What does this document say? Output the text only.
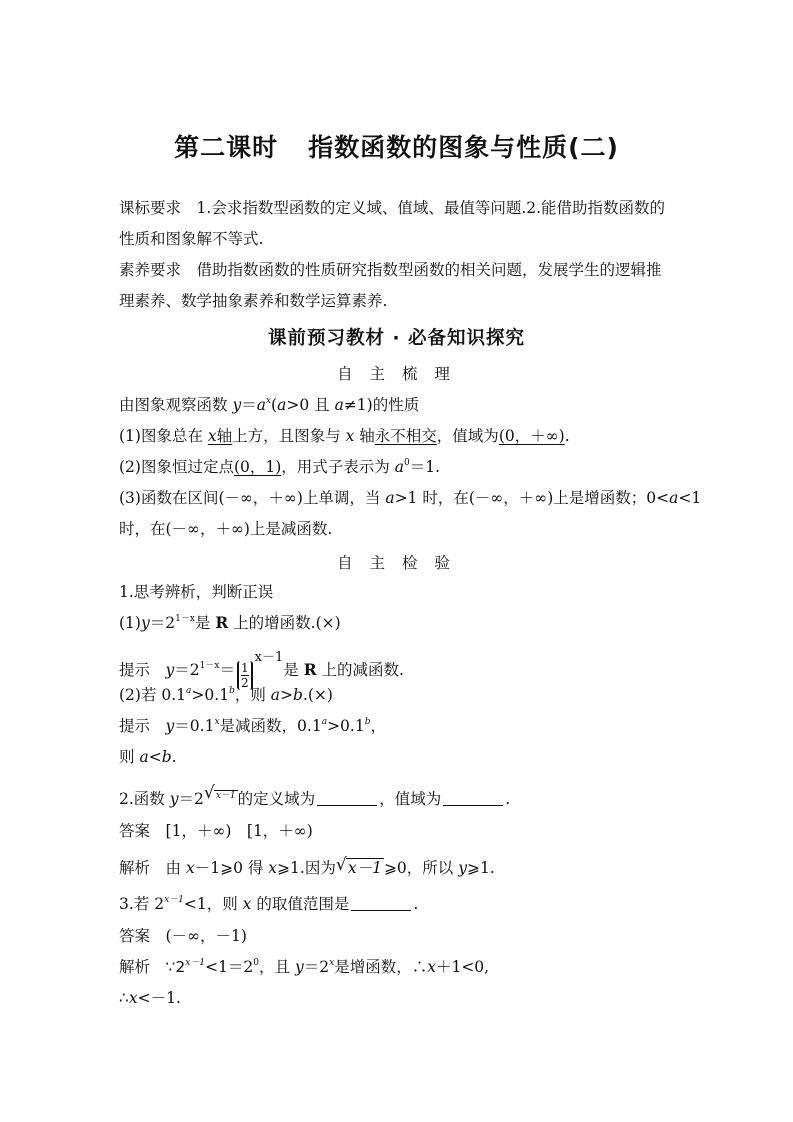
第二课时 指数函数的图象与性质(二)
课标要求　 1.会求指数型函数的定义域、值域、最值等问题.2.能借助指数函数的
性质和图象解不等式.
素养要求　 借助指数函数的性质研究指数型函数的相关问题，发展学生的逻辑推
理素养、数学抽象素养和数学运算素养.
课前预习教材 · 必备知识探究
自 主 梳 理
由图象观察函数 $y=a^x(a>0$ 且 a≠1)的性质
(1)图象总在 x轴上方，且图象与 x 轴永不相交，值域为(0，＋∞).
(2)图象恒过定点(0，1)，用式子表示为 $a^0=1$.
(3)函数在区间(－∞，＋∞)上单调，当 a>1 时，在(－∞，＋∞)上是增函数；0<a<1
时，在(－∞，＋∞)上是减函数.
自 主 检 验
1.思考辨析，判断正误
$(1)y=2^{1-x}$是 R 上的增函数.(×)
提示　 $y=2^{1-x}= \frac{1}{2}$
$^{x-1}$是 R 上的减函数.
(2)若 0.1$^a$>0.1$^b$，则 a>b.(×)
提示　 $y=0.1^x$是减函数，0.1$^a$>0.1$^b$，
则 a<b.
2.函数 y＝2 √ $^{x-1}$ 的定义域为	，值域为	.
答案　 [1，＋∞)　[1，＋∞)
解析　 由 x－1⩾0 得 x⩾1.因为 √ x－1 ⩾0，所以 y⩾1.
3.若 $2^{x-1}<1$，则 x 的取值范围是	.
答案　 (－∞，－1)
解析　 $\because 2^{x-1}<1=2^0$，且 $y=2^x$是增函数，∴x＋1<0,
∴x<－1.
